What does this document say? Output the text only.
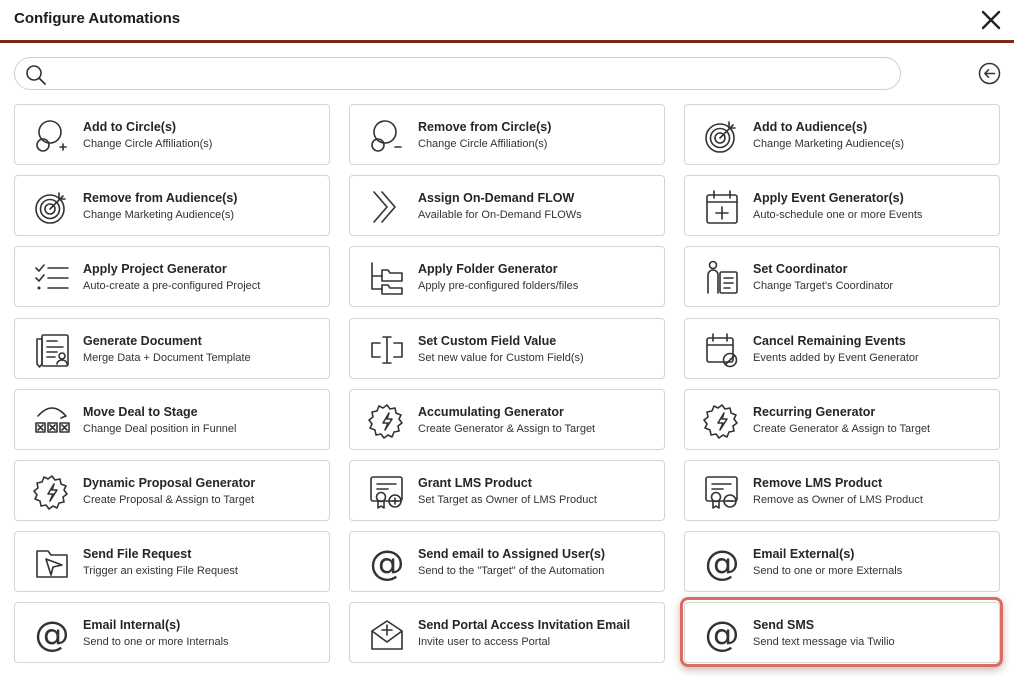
Configure Automations
Add to Circle(s)
Change Circle Affiliation(s)
Remove from Circle(s)
Change Circle Affiliation(s)
Add to Audience(s)
Change Marketing Audience(s)
Remove from Audience(s)
Change Marketing Audience(s)
Assign On-Demand FLOW
Available for On-Demand FLOWs
Apply Event Generator(s)
Auto-schedule one or more Events
Apply Project Generator
Auto-create a pre-configured Project
Apply Folder Generator
Apply pre-configured folders/files
Set Coordinator
Change Target's Coordinator
Generate Document
Merge Data + Document Template
Set Custom Field Value
Set new value for Custom Field(s)
Cancel Remaining Events
Events added by Event Generator
Move Deal to Stage
Change Deal position in Funnel
Accumulating Generator
Create Generator & Assign to Target
Recurring Generator
Create Generator & Assign to Target
Dynamic Proposal Generator
Create Proposal & Assign to Target
Grant LMS Product
Set Target as Owner of LMS Product
Remove LMS Product
Remove as Owner of LMS Product
Send File Request
Trigger an existing File Request	@ Send email to Assigned User(s)
Send to the "Target" of the Automation	@ Email External(s)
Send to one or more Externals
@ Email Internal(s)
Send to one or more Internals
Send Portal Access Invitation Email
Invite user to access Portal	@ Send SMS
Send text message via Twilio
